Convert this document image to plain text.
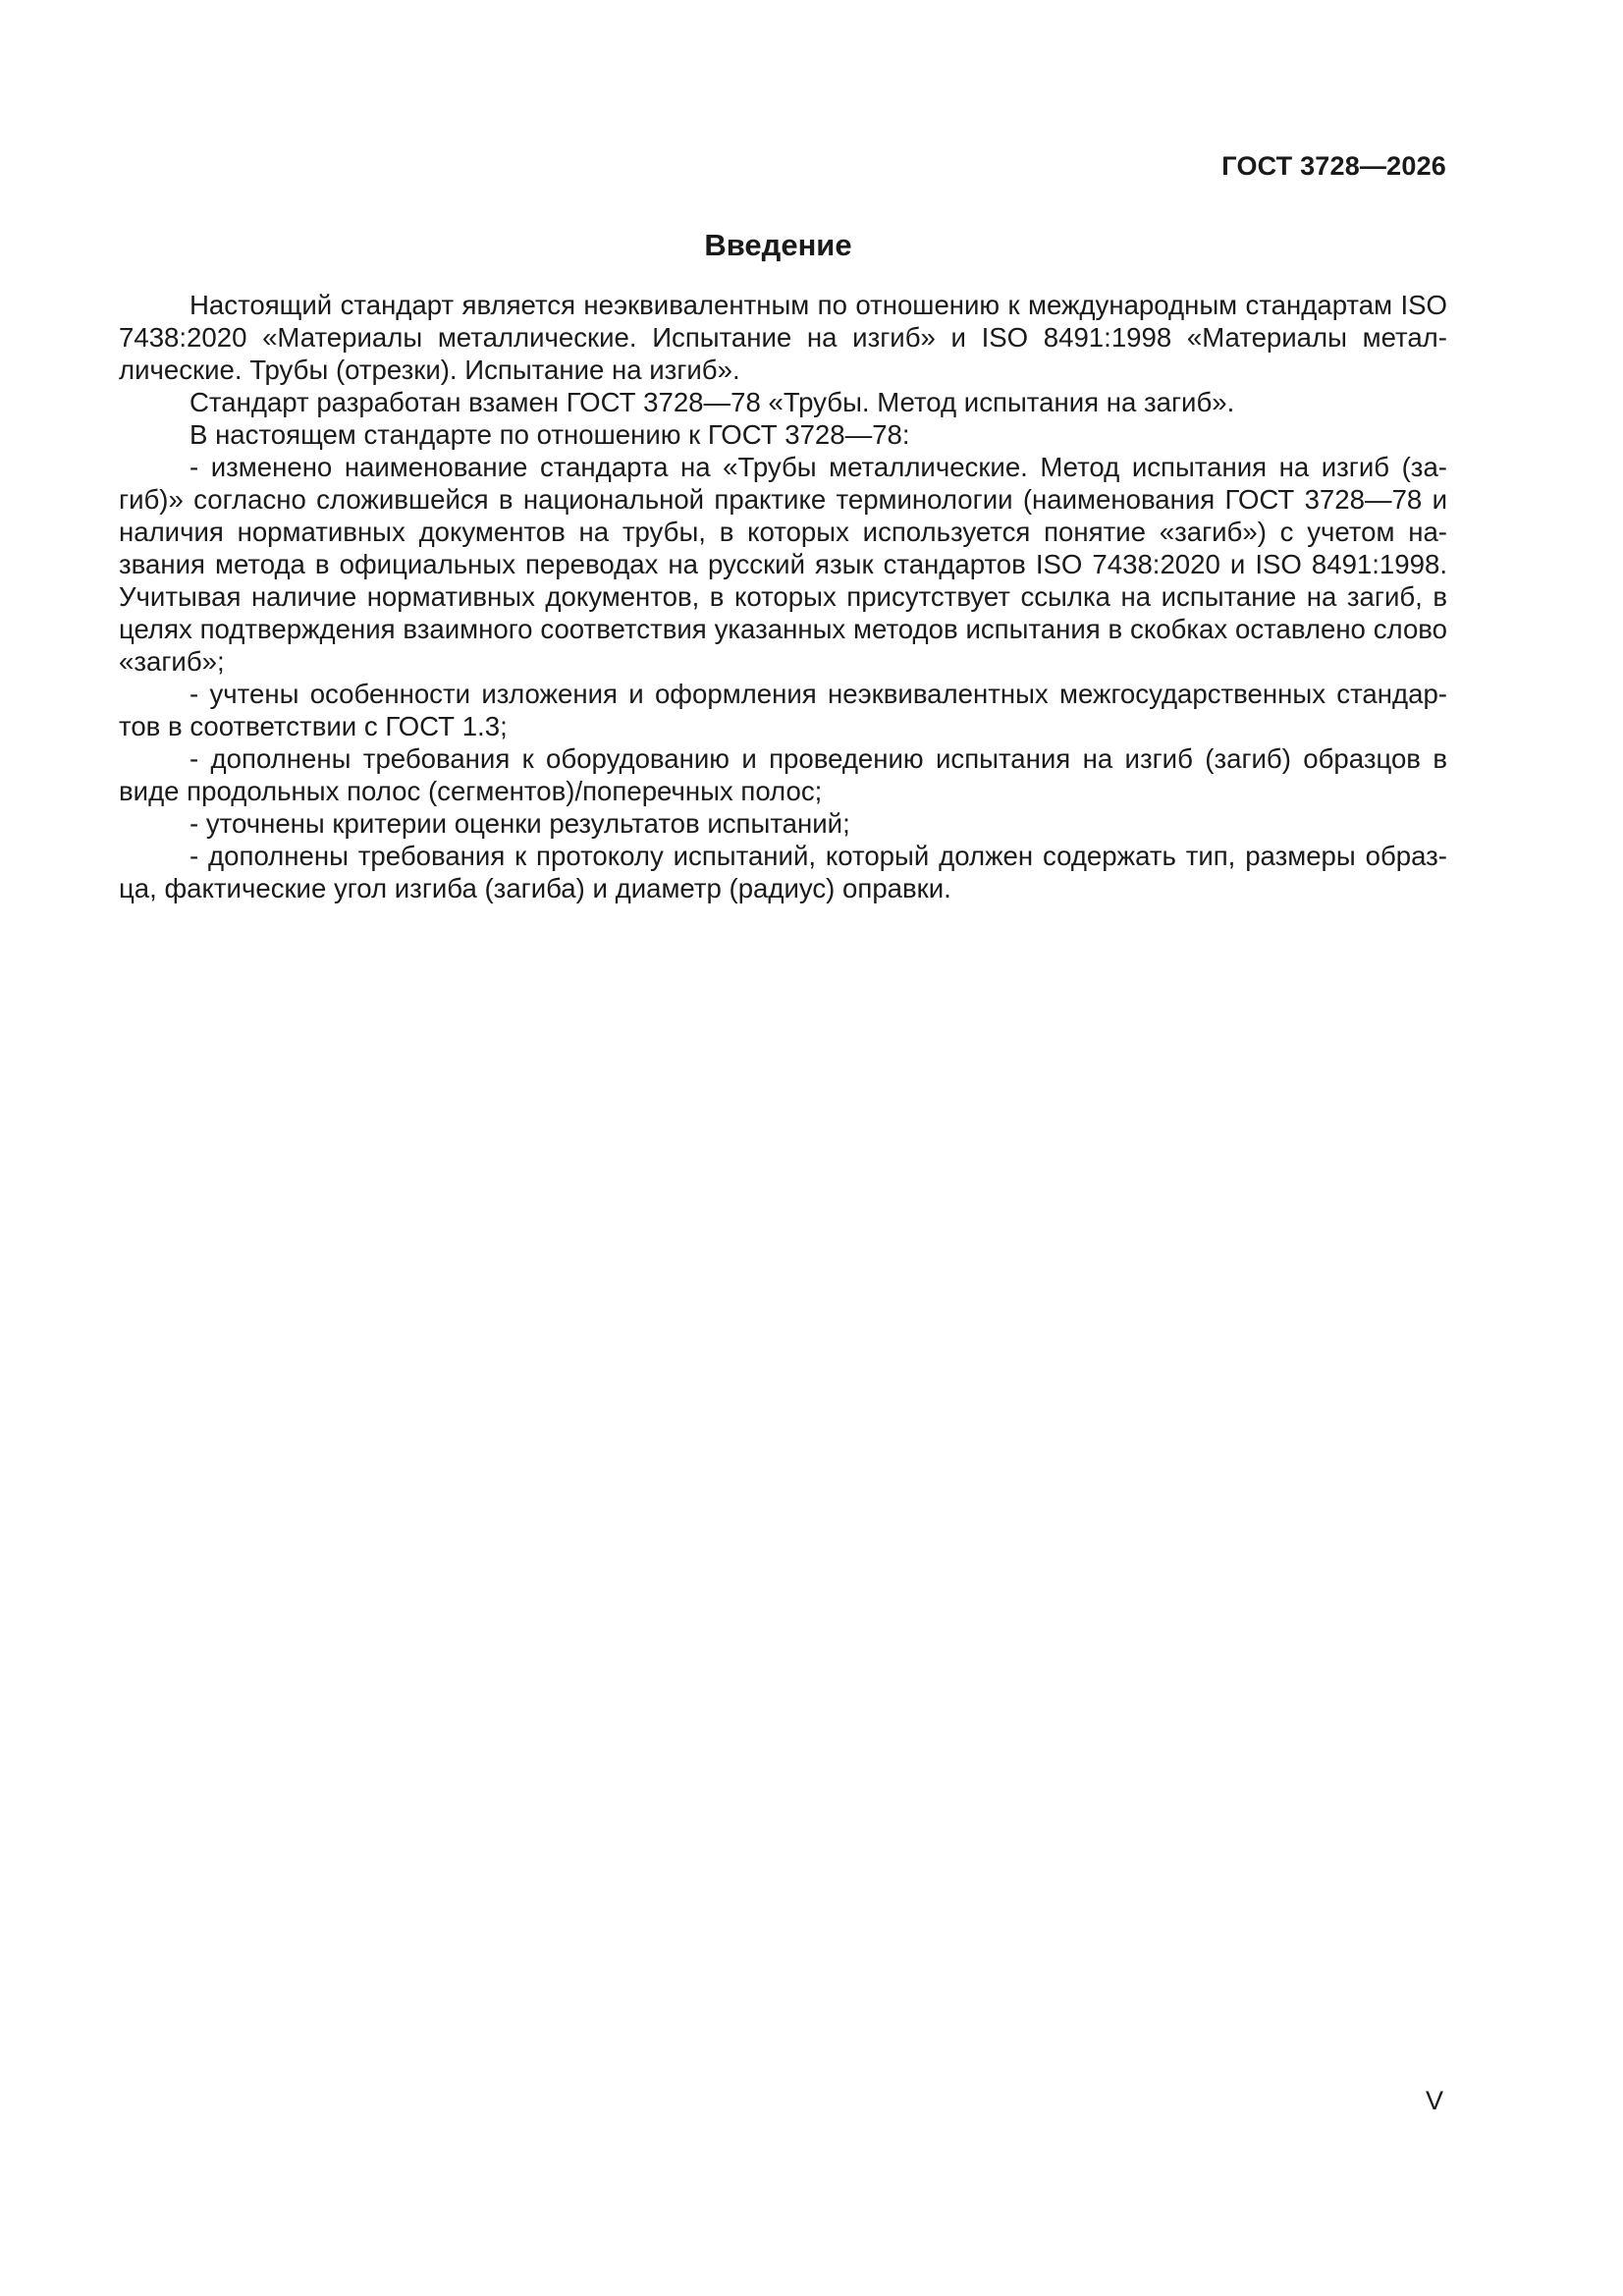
ГОСТ 3728—2026
Введение

Настоящий стандарт является неэквивалентным по отношению к международным стандартам ISO 7438:2020 «Материалы металлические. Испытание на изгиб» и ISO 8491:1998 «Материалы металлические. Трубы (отрезки). Испытание на изгиб».

Стандарт разработан взамен ГОСТ 3728—78 «Трубы. Метод испытания на загиб».

В настоящем стандарте по отношению к ГОСТ 3728—78:

- изменено наименование стандарта на «Трубы металлические. Метод испытания на изгиб (загиб)» согласно сложившейся в национальной практике терминологии (наименования ГОСТ 3728—78 и наличия нормативных документов на трубы, в которых используется понятие «загиб») с учетом названия метода в официальных переводах на русский язык стандартов ISO 7438:2020 и ISO 8491:1998. Учитывая наличие нормативных документов, в которых присутствует ссылка на испытание на загиб, в целях подтверждения взаимного соответствия указанных методов испытания в скобках оставлено слово «загиб»;

- учтены особенности изложения и оформления неэквивалентных межгосударственных стандартов в соответствии с ГОСТ 1.3;

- дополнены требования к оборудованию и проведению испытания на изгиб (загиб) образцов в виде продольных полос (сегментов)/поперечных полос;

- уточнены критерии оценки результатов испытаний;

- дополнены требования к протоколу испытаний, который должен содержать тип, размеры образца, фактические угол изгиба (загиба) и диаметр (радиус) оправки.

V
